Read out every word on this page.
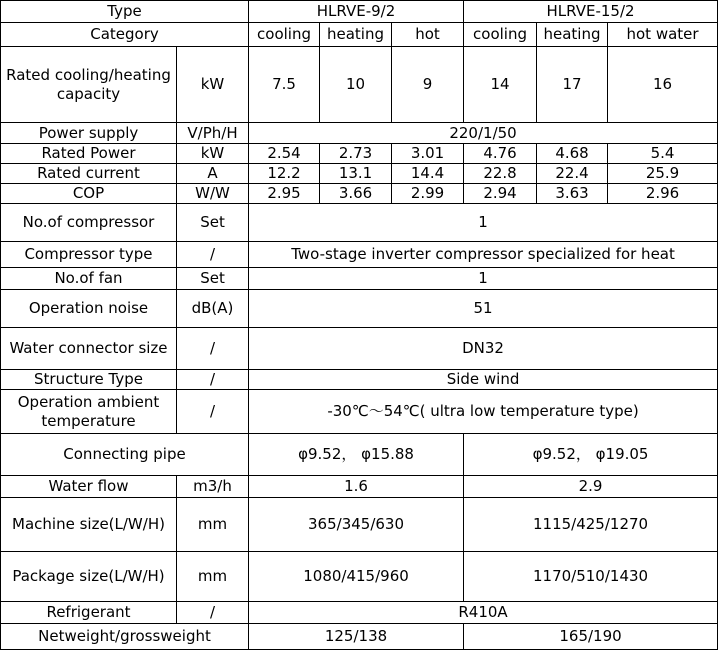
Type		HLRVE-9/2			HLRVE-15/2		
Category		cooling	heating	hot	cooling	heating	hot water
Rated cooling/heating capacity	kW	7.5	10	9	14	17	16
Power supply	V/Ph/H	220/1/50					
Rated Power	kW	2.54	2.73	3.01	4.76	4.68	5.4
Rated current	A	12.2	13.1	14.4	22.8	22.4	25.9
COP	W/W	2.95	3.66	2.99	2.94	3.63	2.96
No.of compressor	Set	1					
Compressor type	/	Two-stage inverter compressor specialized for heat					
No.of fan	Set	1					
Operation noise	dB(A)	51					
Water connector size	/	DN32					
Structure Type	/	Side wind					
Operation ambient temperature	/	-30℃～54℃( ultra low temperature type)					
Connecting pipe		φ9.52， φ15.88			φ9.52， φ19.05		
Water flow	m3/h	1.6			2.9		
Machine size(L/W/H)	mm	365/345/630			1115/425/1270		
Package size(L/W/H)	mm	1080/415/960			1170/510/1430		
Refrigerant	/	R410A					
Netweight/grossweight		125/138			165/190		
